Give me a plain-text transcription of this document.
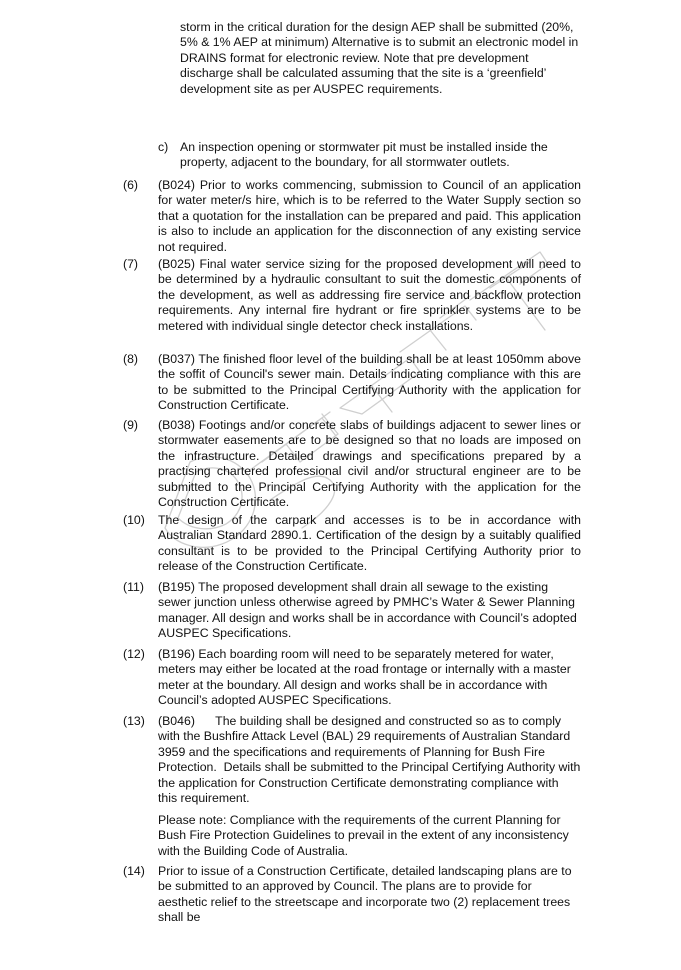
storm in the critical duration for the design AEP shall be submitted (20%, 5% & 1% AEP at minimum) Alternative is to submit an electronic model in DRAINS format for electronic review. Note that pre development discharge shall be calculated assuming that the site is a ‘greenfield’ development site as per AUSPEC requirements.

c) An inspection opening or stormwater pit must be installed inside the property, adjacent to the boundary, for all stormwater outlets.

(6) (B024) Prior to works commencing, submission to Council of an application for water meter/s hire, which is to be referred to the Water Supply section so that a quotation for the installation can be prepared and paid. This application is also to include an application for the disconnection of any existing service not required.

(7) (B025) Final water service sizing for the proposed development will need to be determined by a hydraulic consultant to suit the domestic components of the development, as well as addressing fire service and backflow protection requirements. Any internal fire hydrant or fire sprinkler systems are to be metered with individual single detector check installations.

(8) (B037) The finished floor level of the building shall be at least 1050mm above the soffit of Council's sewer main. Details indicating compliance with this are to be submitted to the Principal Certifying Authority with the application for Construction Certificate.

(9) (B038) Footings and/or concrete slabs of buildings adjacent to sewer lines or stormwater easements are to be designed so that no loads are imposed on the infrastructure. Detailed drawings and specifications prepared by a practising chartered professional civil and/or structural engineer are to be submitted to the Principal Certifying Authority with the application for the Construction Certificate.

(10) The design of the carpark and accesses is to be in accordance with Australian Standard 2890.1. Certification of the design by a suitably qualified consultant is to be provided to the Principal Certifying Authority prior to release of the Construction Certificate.

(11) (B195) The proposed development shall drain all sewage to the existing sewer junction unless otherwise agreed by PMHC’s Water & Sewer Planning manager. All design and works shall be in accordance with Council’s adopted AUSPEC Specifications.

(12) (B196) Each boarding room will need to be separately metered for water, meters may either be located at the road frontage or internally with a master meter at the boundary. All design and works shall be in accordance with Council’s adopted AUSPEC Specifications.

(13) (B046)      The building shall be designed and constructed so as to comply with the Bushfire Attack Level (BAL) 29 requirements of Australian Standard 3959 and the specifications and requirements of Planning for Bush Fire Protection.  Details shall be submitted to the Principal Certifying Authority with the application for Construction Certificate demonstrating compliance with this requirement.

Please note: Compliance with the requirements of the current Planning for Bush Fire Protection Guidelines to prevail in the extent of any inconsistency with the Building Code of Australia.

(14) Prior to issue of a Construction Certificate, detailed landscaping plans are to be submitted to an approved by Council. The plans are to provide for aesthetic relief to the streetscape and incorporate two (2) replacement trees shall be
